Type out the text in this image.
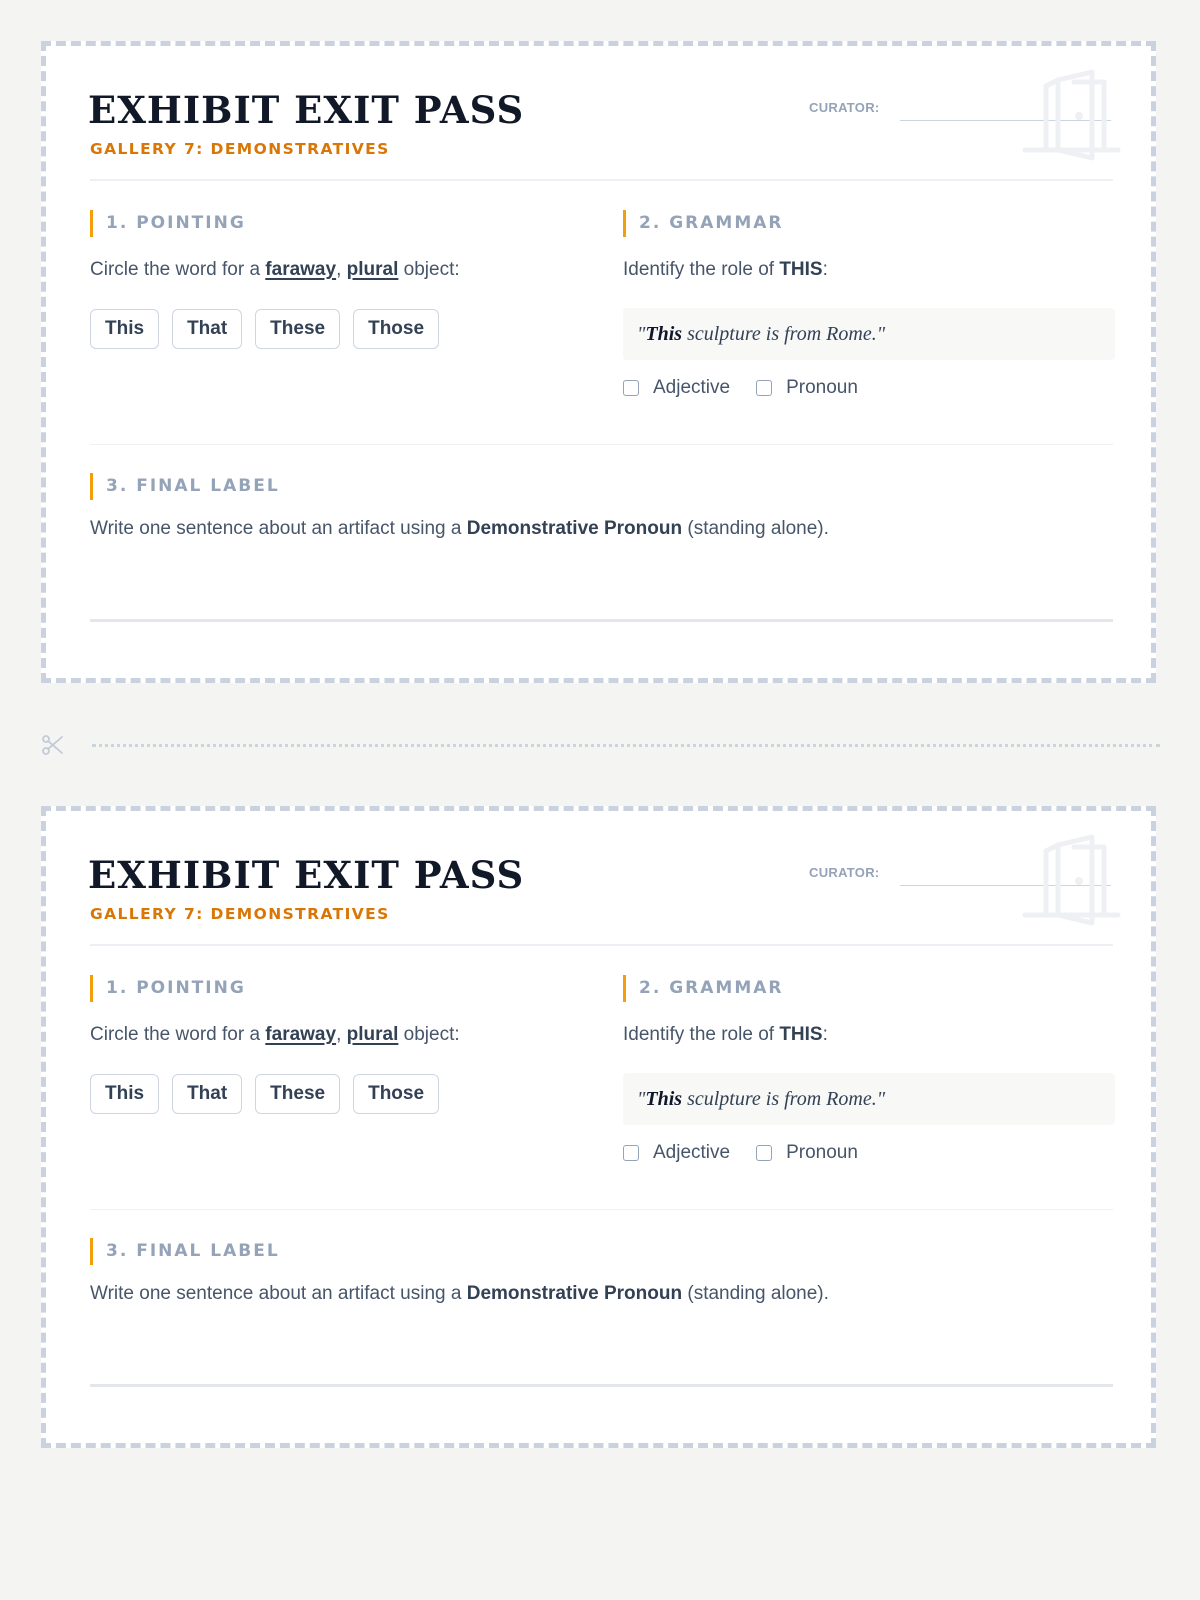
EXHIBIT EXIT PASS
GALLERY 7: DEMONSTRATIVES
CURATOR:
1. POINTING
Circle the word for a faraway, plural object:
This	That	These	Those
2. GRAMMAR
Identify the role of THIS:
"This sculpture is from Rome."
Adjective	Pronoun
3. FINAL LABEL
Write one sentence about an artifact using a Demonstrative Pronoun (standing alone).
EXHIBIT EXIT PASS
GALLERY 7: DEMONSTRATIVES
CURATOR:
1. POINTING
Circle the word for a faraway, plural object:
This	That	These	Those
2. GRAMMAR
Identify the role of THIS:
"This sculpture is from Rome."
Adjective	Pronoun
3. FINAL LABEL
Write one sentence about an artifact using a Demonstrative Pronoun (standing alone).
